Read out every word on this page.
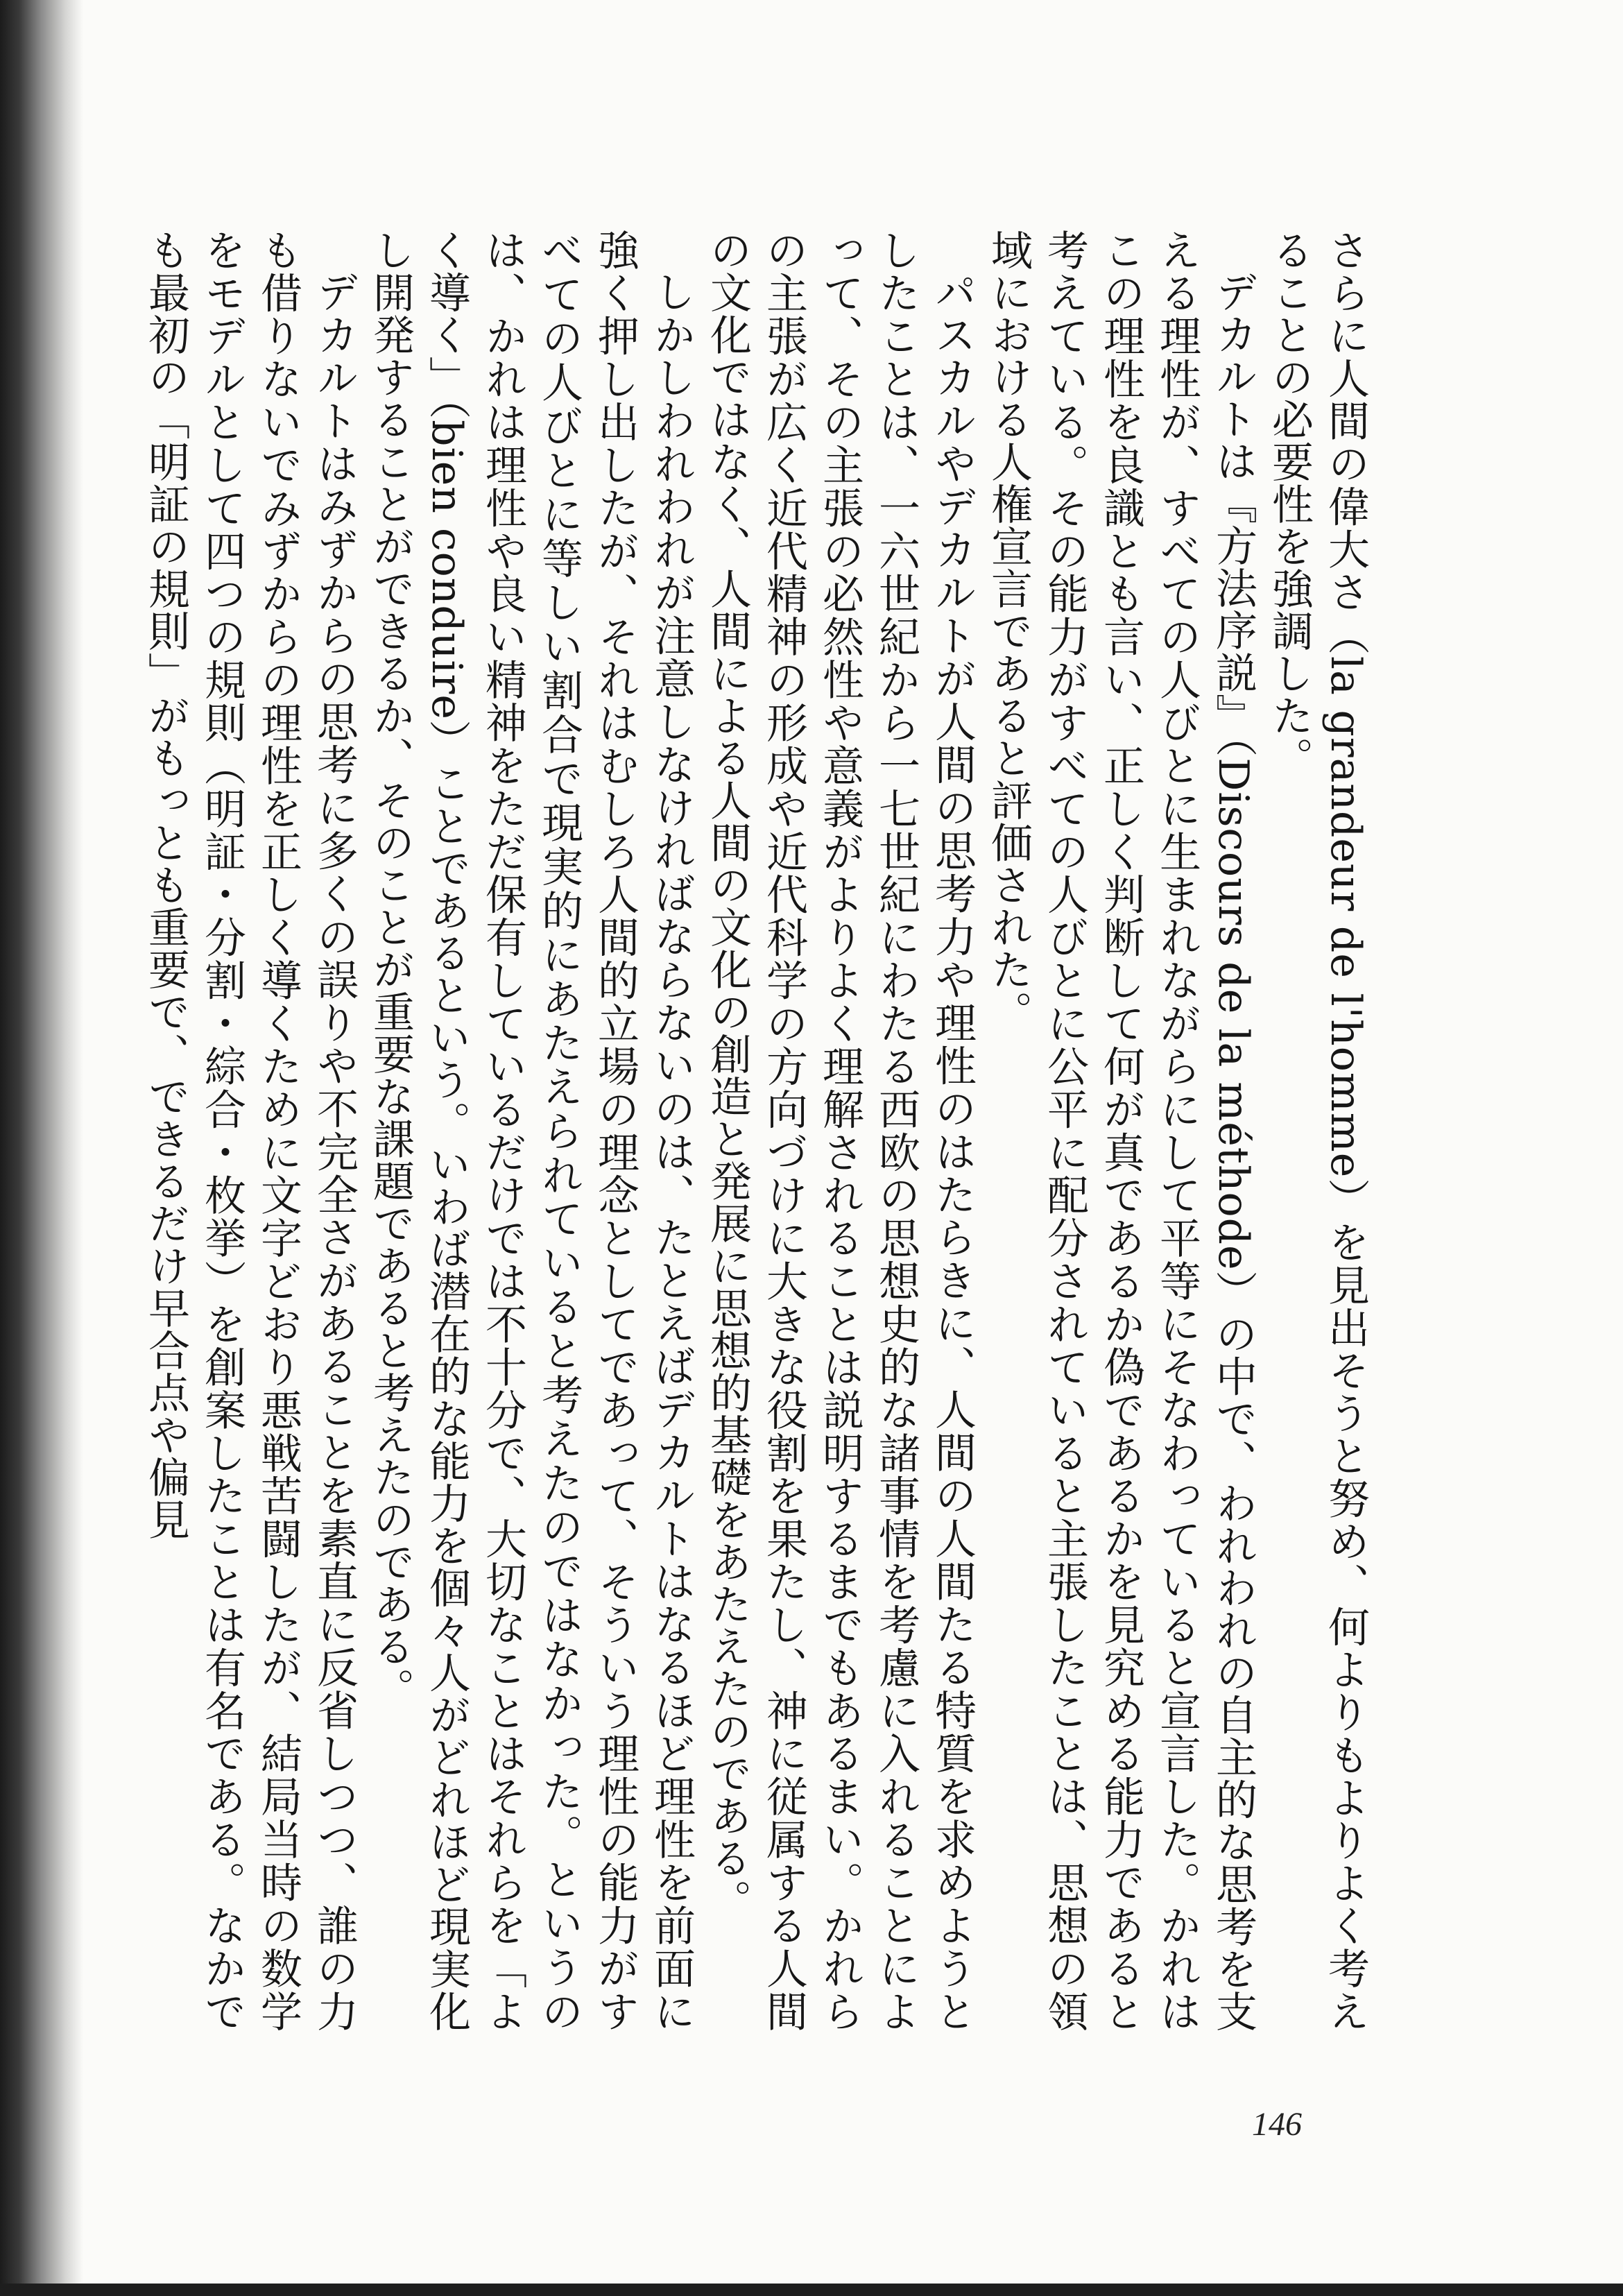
さらに人間の偉大さ（la grandeur de l'homme）を見出そうと努め、何よりもよりよく考えることの必要性を強調した。

デカルトは『方法序説』（Discours de la méthode）の中で、われわれの自主的な思考を支える理性が、すべての人びとに生まれながらにして平等にそなわっていると宣言した。かれはこの理性を良識とも言い、正しく判断して何が真であるか偽であるかを見究める能力であると考えている。その能力がすべての人びとに公平に配分されていると主張したことは、思想の領域における人権宣言であると評価された。

パスカルやデカルトが人間の思考力や理性のはたらきに、人間の人間たる特質を求めようとしたことは、一六世紀から一七世紀にわたる西欧の思想史的な諸事情を考慮に入れることによって、その主張の必然性や意義がよりよく理解されることは説明するまでもあるまい。かれらの主張が広く近代精神の形成や近代科学の方向づけに大きな役割を果たし、神に従属する人間の文化ではなく、人間による人間の文化の創造と発展に思想的基礎をあたえたのである。

しかしわれわれが注意しなければならないのは、たとえばデカルトはなるほど理性を前面に強く押し出したが、それはむしろ人間的立場の理念としてであって、そういう理性の能力がすべての人びとに等しい割合で現実的にあたえられていると考えたのではなかった。というのは、かれは理性や良い精神をただ保有しているだけでは不十分で、大切なことはそれらを「よく導く」（bien conduire）ことであるという。いわば潜在的な能力を個々人がどれほど現実化し開発することができるか、そのことが重要な課題であると考えたのである。

デカルトはみずからの思考に多くの誤りや不完全さがあることを素直に反省しつつ、誰の力も借りないでみずからの理性を正しく導くために文字どおり悪戦苦闘したが、結局当時の数学をモデルとして四つの規則（明証・分割・綜合・枚挙）を創案したことは有名である。なかでも最初の「明証の規則」がもっとも重要で、できるだけ早合点や偏見

146
